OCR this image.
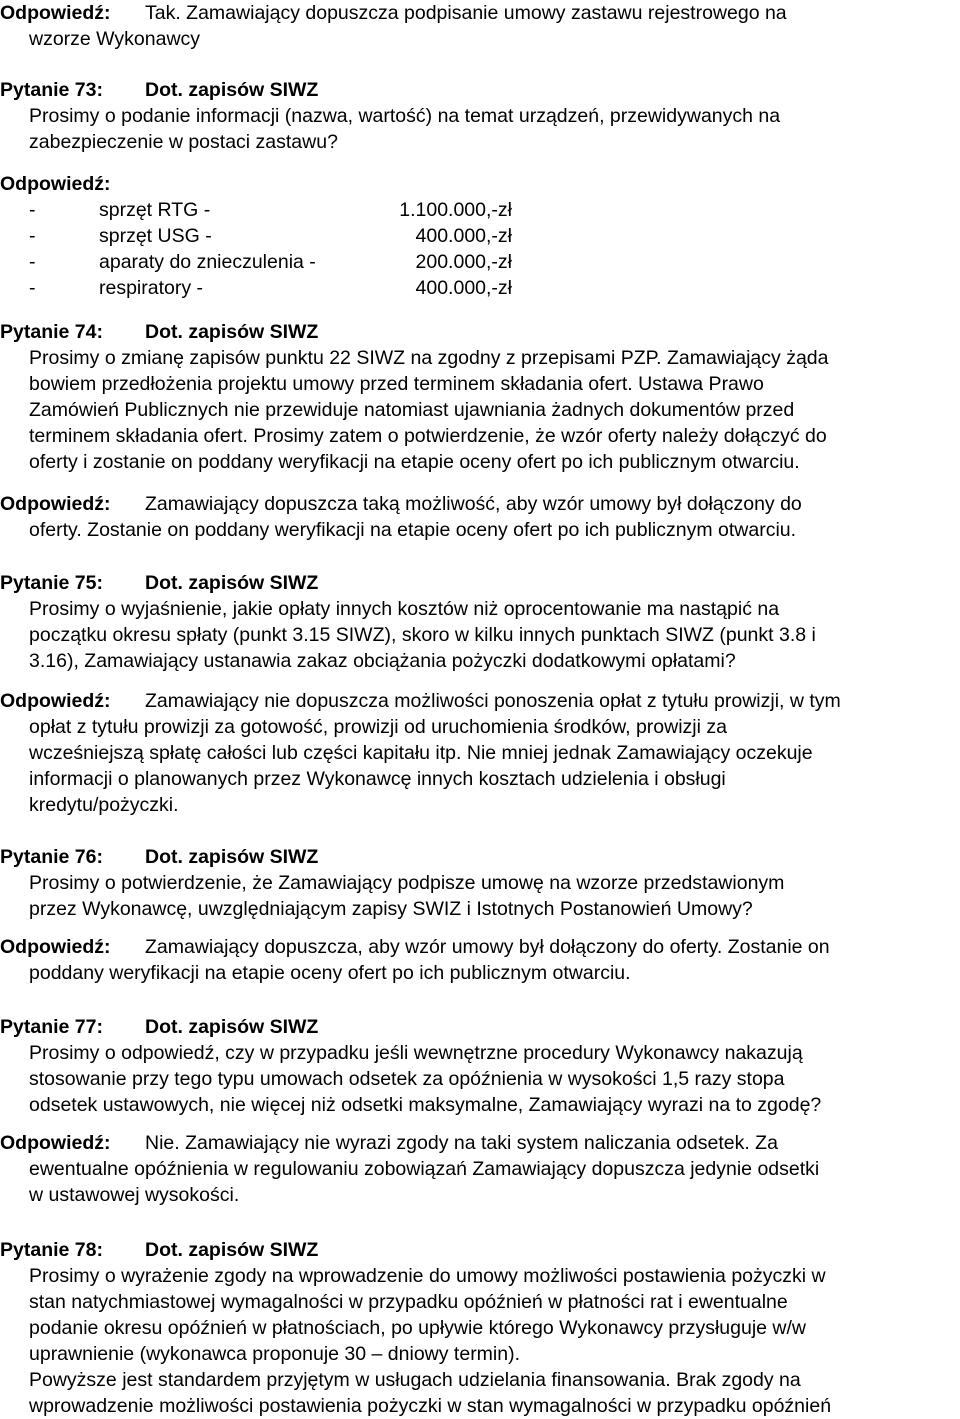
Odpowiedź: Tak. Zamawiający dopuszcza podpisanie umowy zastawu rejestrowego na
wzorze Wykonawcy
Pytanie 73: Dot. zapisów SIWZ
Prosimy o podanie informacji (nazwa, wartość) na temat urządzeń, przewidywanych na
zabezpieczenie w postaci zastawu?
Odpowiedź:
-	sprzęt RTG -	1.100.000,-zł
-	sprzęt USG -	400.000,-zł
-	aparaty do znieczulenia -	200.000,-zł
-	respiratory -	400.000,-zł
Pytanie 74: Dot. zapisów SIWZ
Prosimy o zmianę zapisów punktu 22 SIWZ na zgodny z przepisami PZP. Zamawiający żąda
bowiem przedłożenia projektu umowy przed terminem składania ofert. Ustawa Prawo
Zamówień Publicznych nie przewiduje natomiast ujawniania żadnych dokumentów przed
terminem składania ofert. Prosimy zatem o potwierdzenie, że wzór oferty należy dołączyć do
oferty i zostanie on poddany weryfikacji na etapie oceny ofert po ich publicznym otwarciu.
Odpowiedź: Zamawiający dopuszcza taką możliwość, aby wzór umowy był dołączony do
oferty. Zostanie on poddany weryfikacji na etapie oceny ofert po ich publicznym otwarciu.
Pytanie 75: Dot. zapisów SIWZ
Prosimy o wyjaśnienie, jakie opłaty innych kosztów niż oprocentowanie ma nastąpić na
początku okresu spłaty (punkt 3.15 SIWZ), skoro w kilku innych punktach SIWZ (punkt 3.8 i
3.16), Zamawiający ustanawia zakaz obciążania pożyczki dodatkowymi opłatami?
Odpowiedź: Zamawiający nie dopuszcza możliwości ponoszenia opłat z tytułu prowizji, w tym
opłat z tytułu prowizji za gotowość, prowizji od uruchomienia środków, prowizji za
wcześniejszą spłatę całości lub części kapitału itp. Nie mniej jednak Zamawiający oczekuje
informacji o planowanych przez Wykonawcę innych kosztach udzielenia i obsługi
kredytu/pożyczki.
Pytanie 76: Dot. zapisów SIWZ
Prosimy o potwierdzenie, że Zamawiający podpisze umowę na wzorze przedstawionym
przez Wykonawcę, uwzględniającym zapisy SWIZ i Istotnych Postanowień Umowy?
Odpowiedź: Zamawiający dopuszcza, aby wzór umowy był dołączony do oferty. Zostanie on
poddany weryfikacji na etapie oceny ofert po ich publicznym otwarciu.
Pytanie 77: Dot. zapisów SIWZ
Prosimy o odpowiedź, czy w przypadku jeśli wewnętrzne procedury Wykonawcy nakazują
stosowanie przy tego typu umowach odsetek za opóźnienia w wysokości 1,5 razy stopa
odsetek ustawowych, nie więcej niż odsetki maksymalne, Zamawiający wyrazi na to zgodę?
Odpowiedź: Nie. Zamawiający nie wyrazi zgody na taki system naliczania odsetek. Za
ewentualne opóźnienia w regulowaniu zobowiązań Zamawiający dopuszcza jedynie odsetki
w ustawowej wysokości.
Pytanie 78: Dot. zapisów SIWZ
Prosimy o wyrażenie zgody na wprowadzenie do umowy możliwości postawienia pożyczki w
stan natychmiastowej wymagalności w przypadku opóźnień w płatności rat i ewentualne
podanie okresu opóźnień w płatnościach, po upływie którego Wykonawcy przysługuje w/w
uprawnienie (wykonawca proponuje 30 – dniowy termin).
Powyższe jest standardem przyjętym w usługach udzielania finansowania. Brak zgody na
wprowadzenie możliwości postawienia pożyczki w stan wymagalności w przypadku opóźnień
